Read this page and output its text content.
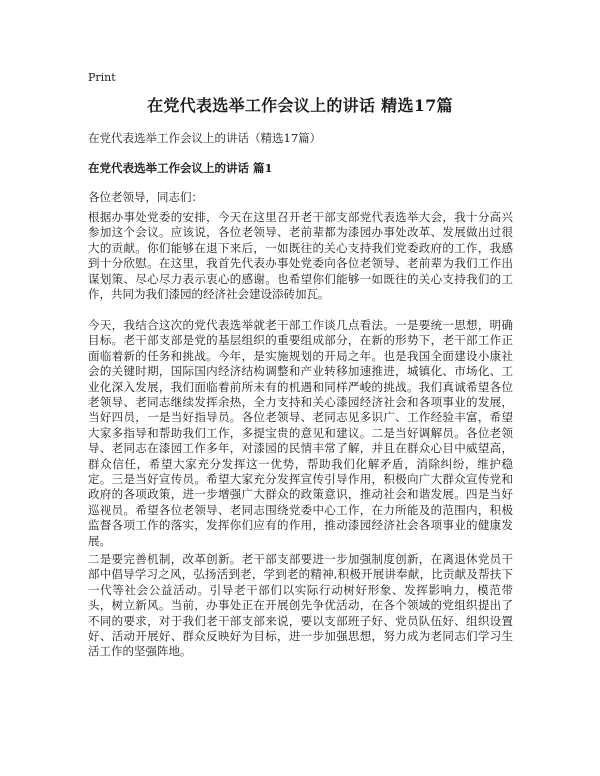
Print
在党代表选举工作会议上的讲话 精选17篇
在党代表选举工作会议上的讲话（精选17篇）
在党代表选举工作会议上的讲话 篇1
各位老领导，同志们：
根据办事处党委的安排，今天在这里召开老干部支部党代表选举大会，我十分高兴参加这个会议。应该说，各位老领导、老前辈都为漆园办事处改革、发展做出过很大的贡献。你们能够在退下来后，一如既往的关心支持我们党委政府的工作，我感到十分欣慰。在这里，我首先代表办事处党委向各位老领导、老前辈为我们工作出谋划策、尽心尽力表示衷心的感谢。也希望你们能够一如既往的关心支持我们的工作，共同为我们漆园的经济社会建设添砖加瓦。
今天，我结合这次的党代表选举就老干部工作谈几点看法。一是要统一思想，明确目标。老干部支部是党的基层组织的重要组成部分，在新的形势下，老干部工作正面临着新的任务和挑战。今年，是实施规划的开局之年。也是我国全面建设小康社会的关键时期，国际国内经济结构调整和产业转移加速推进，城镇化、市场化、工业化深入发展，我们面临着前所未有的机遇和同样严峻的挑战。我们真诚希望各位老领导、老同志继续发挥余热，全力支持和关心漆园经济社会和各项事业的发展，当好四员，一是当好指导员。各位老领导、老同志见多识广、工作经验丰富，希望大家多指导和帮助我们工作，多提宝贵的意见和建议。二是当好调解员。各位老领导、老同志在漆园工作多年，对漆园的民情丰常了解，并且在群众心目中威望高，群众信任，希望大家充分发挥这一优势，帮助我们化解矛盾，消除纠纷，维护稳定。三是当好宣传员。希望大家充分发挥宣传引导作用，积极向广大群众宣传党和政府的各项政策，进一步增强广大群众的政策意识，推动社会和谐发展。四是当好巡视员。希望各位老领导、老同志围绕党委中心工作，在力所能及的范围内，积极监督各项工作的落实，发挥你们应有的作用，推动漆园经济社会各项事业的健康发展。
二是要完善机制，改革创新。老干部支部要进一步加强制度创新，在离退休党员干部中倡导学习之风，弘扬活到老，学到老的精神,积极开展讲奉献，比贡献及帮扶下一代等社会公益活动。引导老干部们以实际行动树好形象、发挥影响力，模范带头，树立新风。当前，办事处正在开展创先争优活动，在各个领域的党组织提出了不同的要求，对于我们老干部支部来说，要以支部班子好、党员队伍好、组织设置好、活动开展好、群众反映好为目标，进一步加强思想，努力成为老同志们学习生活工作的坚强阵地。
